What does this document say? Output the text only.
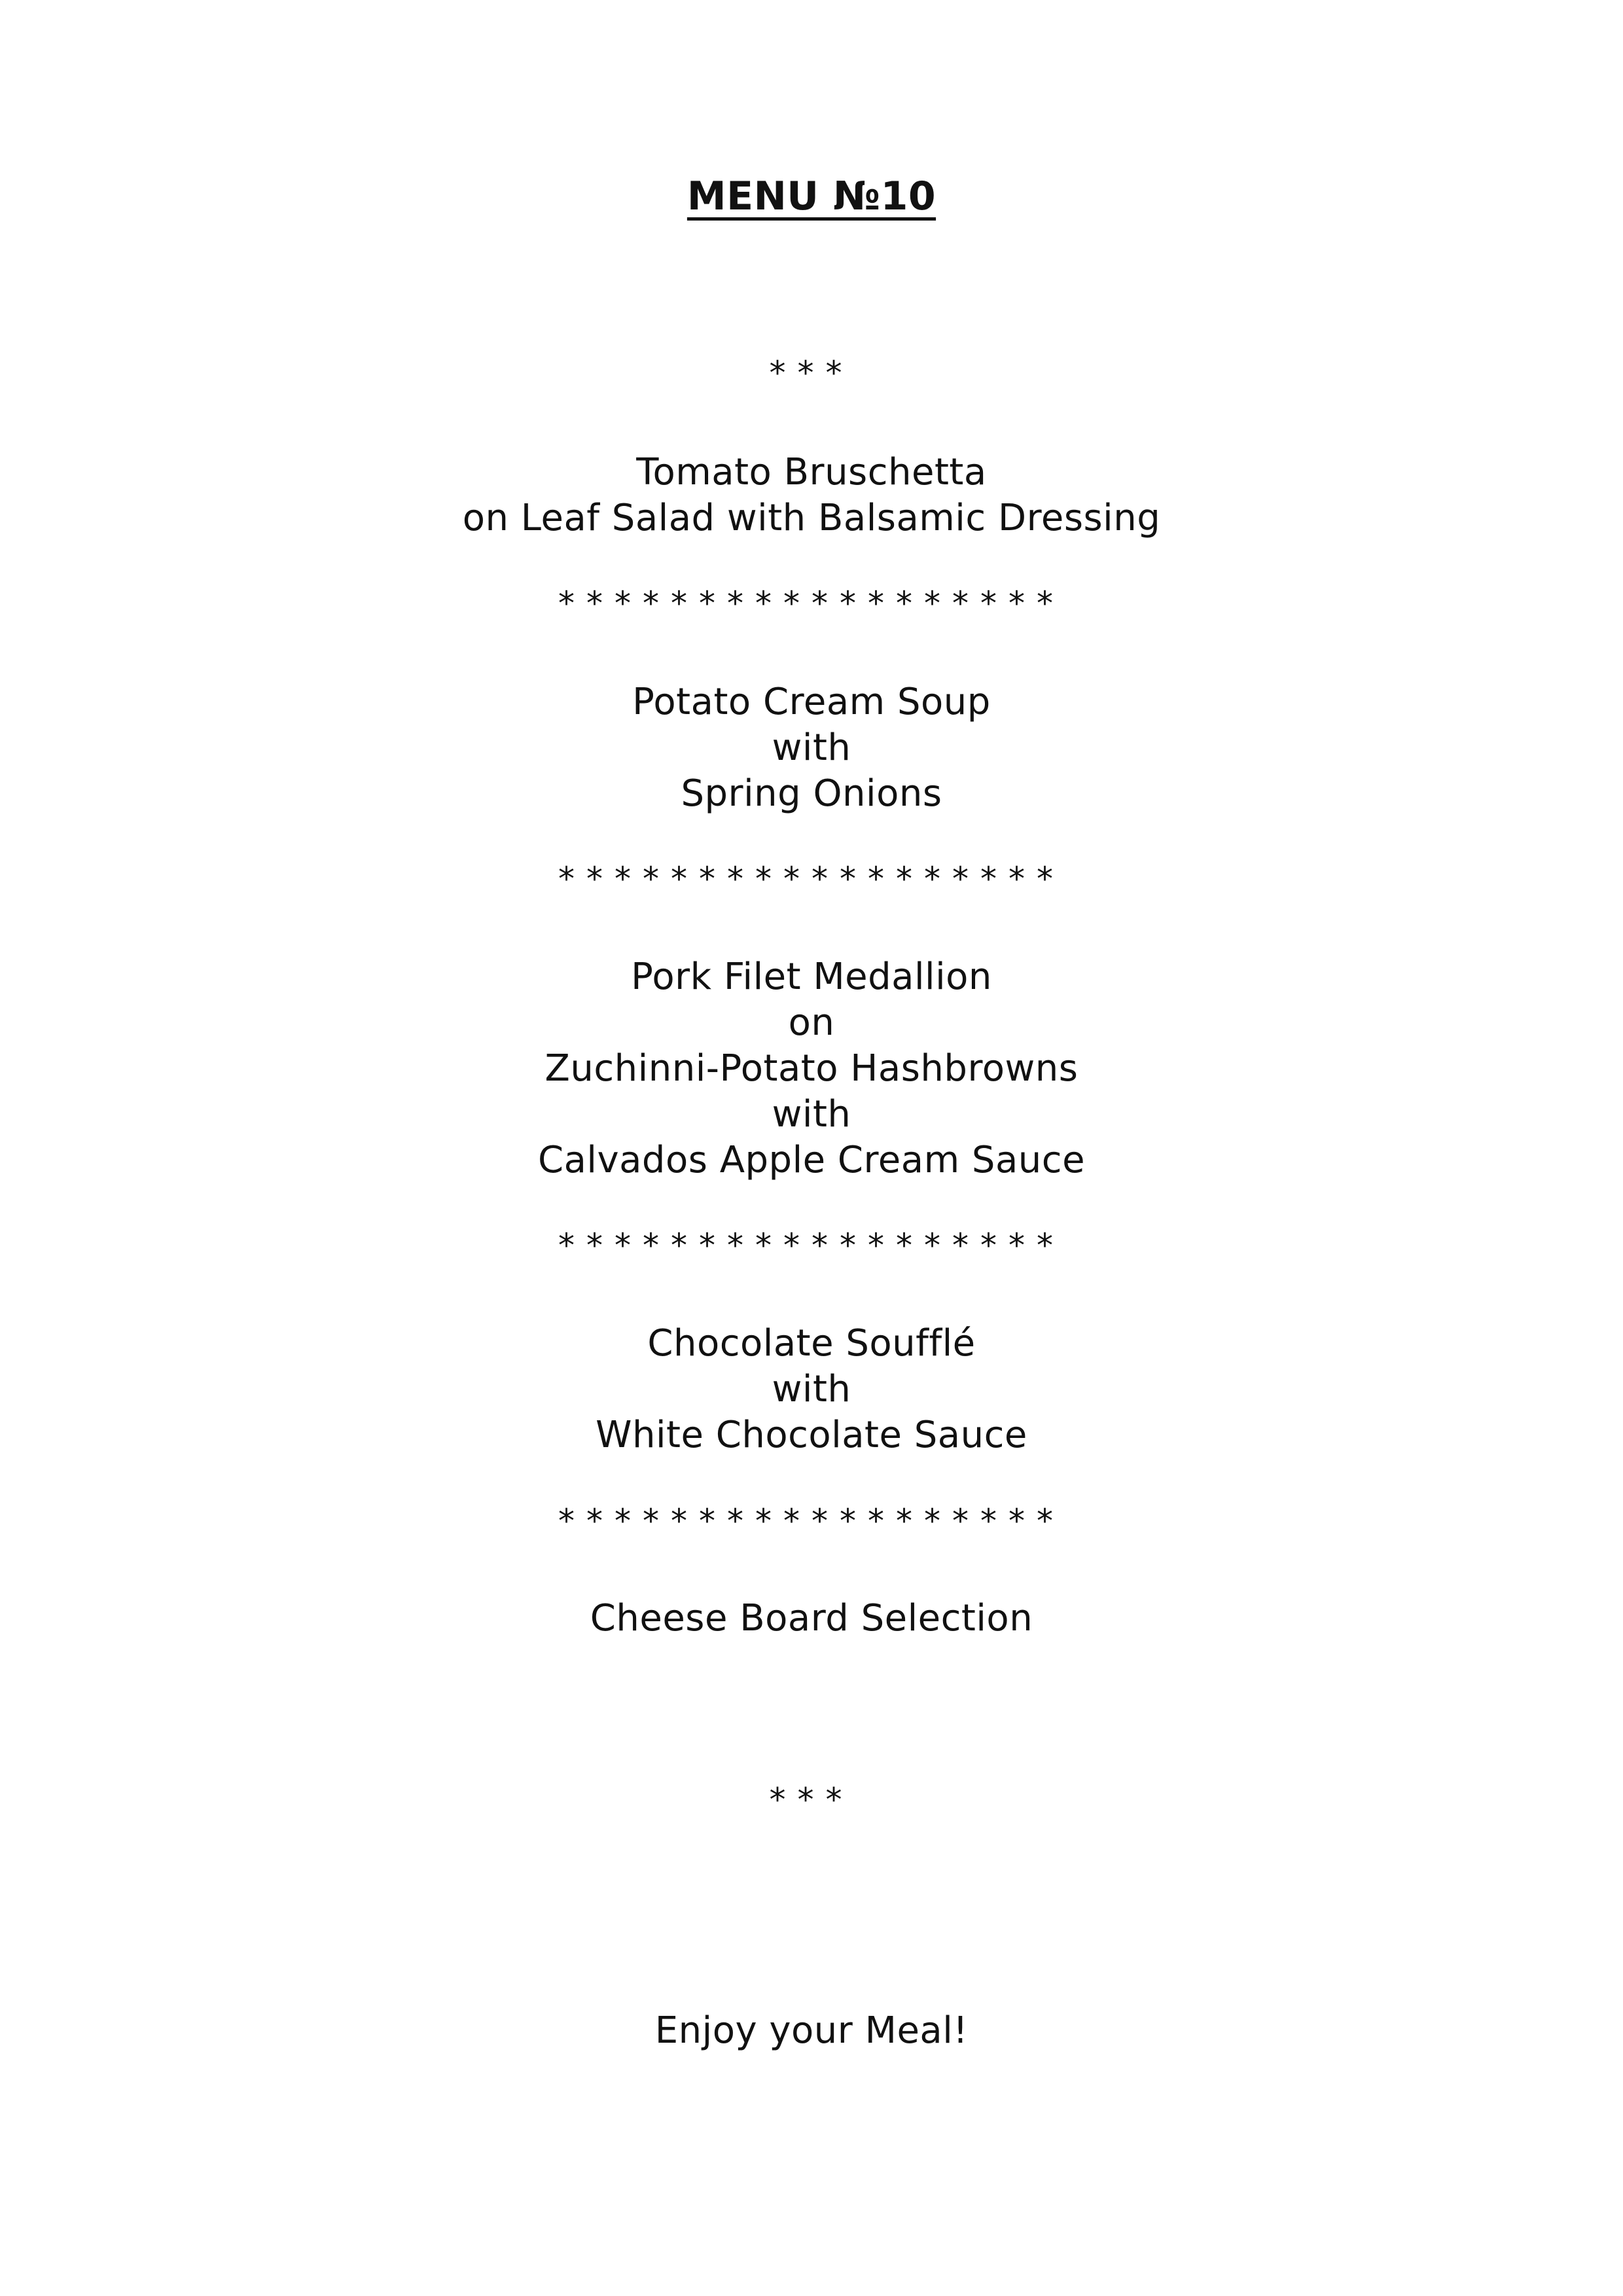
MENU №10
***
Tomato Bruschetta
on Leaf Salad with Balsamic Dressing
******************
Potato Cream Soup
with
Spring Onions
******************
Pork Filet Medallion
on
Zuchinni-Potato Hashbrowns
with
Calvados Apple Cream Sauce
******************
Chocolate Soufflé
with
White Chocolate Sauce
******************
Cheese Board Selection
***
Enjoy your Meal!
